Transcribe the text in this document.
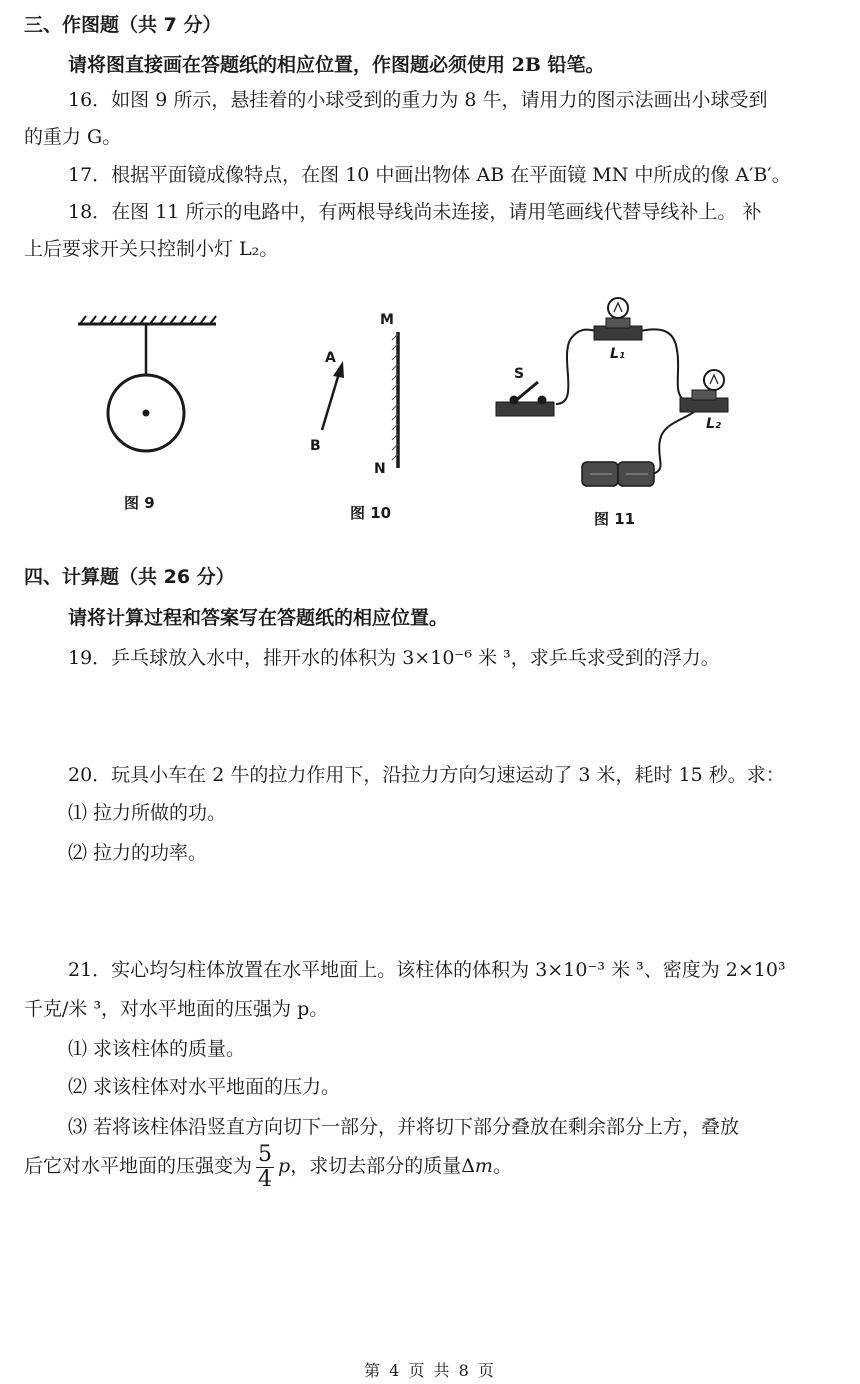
三、作图题（共 7 分）
请将图直接画在答题纸的相应位置，作图题必须使用 2B 铅笔。
16．如图 9 所示，悬挂着的小球受到的重力为 8 牛，请用力的图示法画出小球受到
的重力 G。
17．根据平面镜成像特点，在图 10 中画出物体 AB 在平面镜 MN 中所成的像 A′B′。
18．在图 11 所示的电路中，有两根导线尚未连接，请用笔画线代替导线补上。 补
上后要求开关只控制小灯 L₂。
M
N
A
B
S
L₁
L₂
图 9
图 10	图 11
四、计算题（共 26 分）
请将计算过程和答案写在答题纸的相应位置。
19．乒乓球放入水中，排开水的体积为 3×10⁻⁶ 米 ³，求乒乓求受到的浮力。
20．玩具小车在 2 牛的拉力作用下，沿拉力方向匀速运动了 3 米，耗时 15 秒。求：
⑴ 拉力所做的功。
⑵ 拉力的功率。
21．实心均匀柱体放置在水平地面上。该柱体的体积为 3×10⁻³ 米 ³、密度为 2×10³
千克/米 ³，对水平地面的压强为 p。
⑴ 求该柱体的质量。
⑵ 求该柱体对水平地面的压力。
⑶ 若将该柱体沿竖直方向切下一部分，并将切下部分叠放在剩余部分上方，叠放
后它对水平地面的压强变为 $\frac{5}{4}$ p，求切去部分的质量Δm。
第 4 页 共 8 页
